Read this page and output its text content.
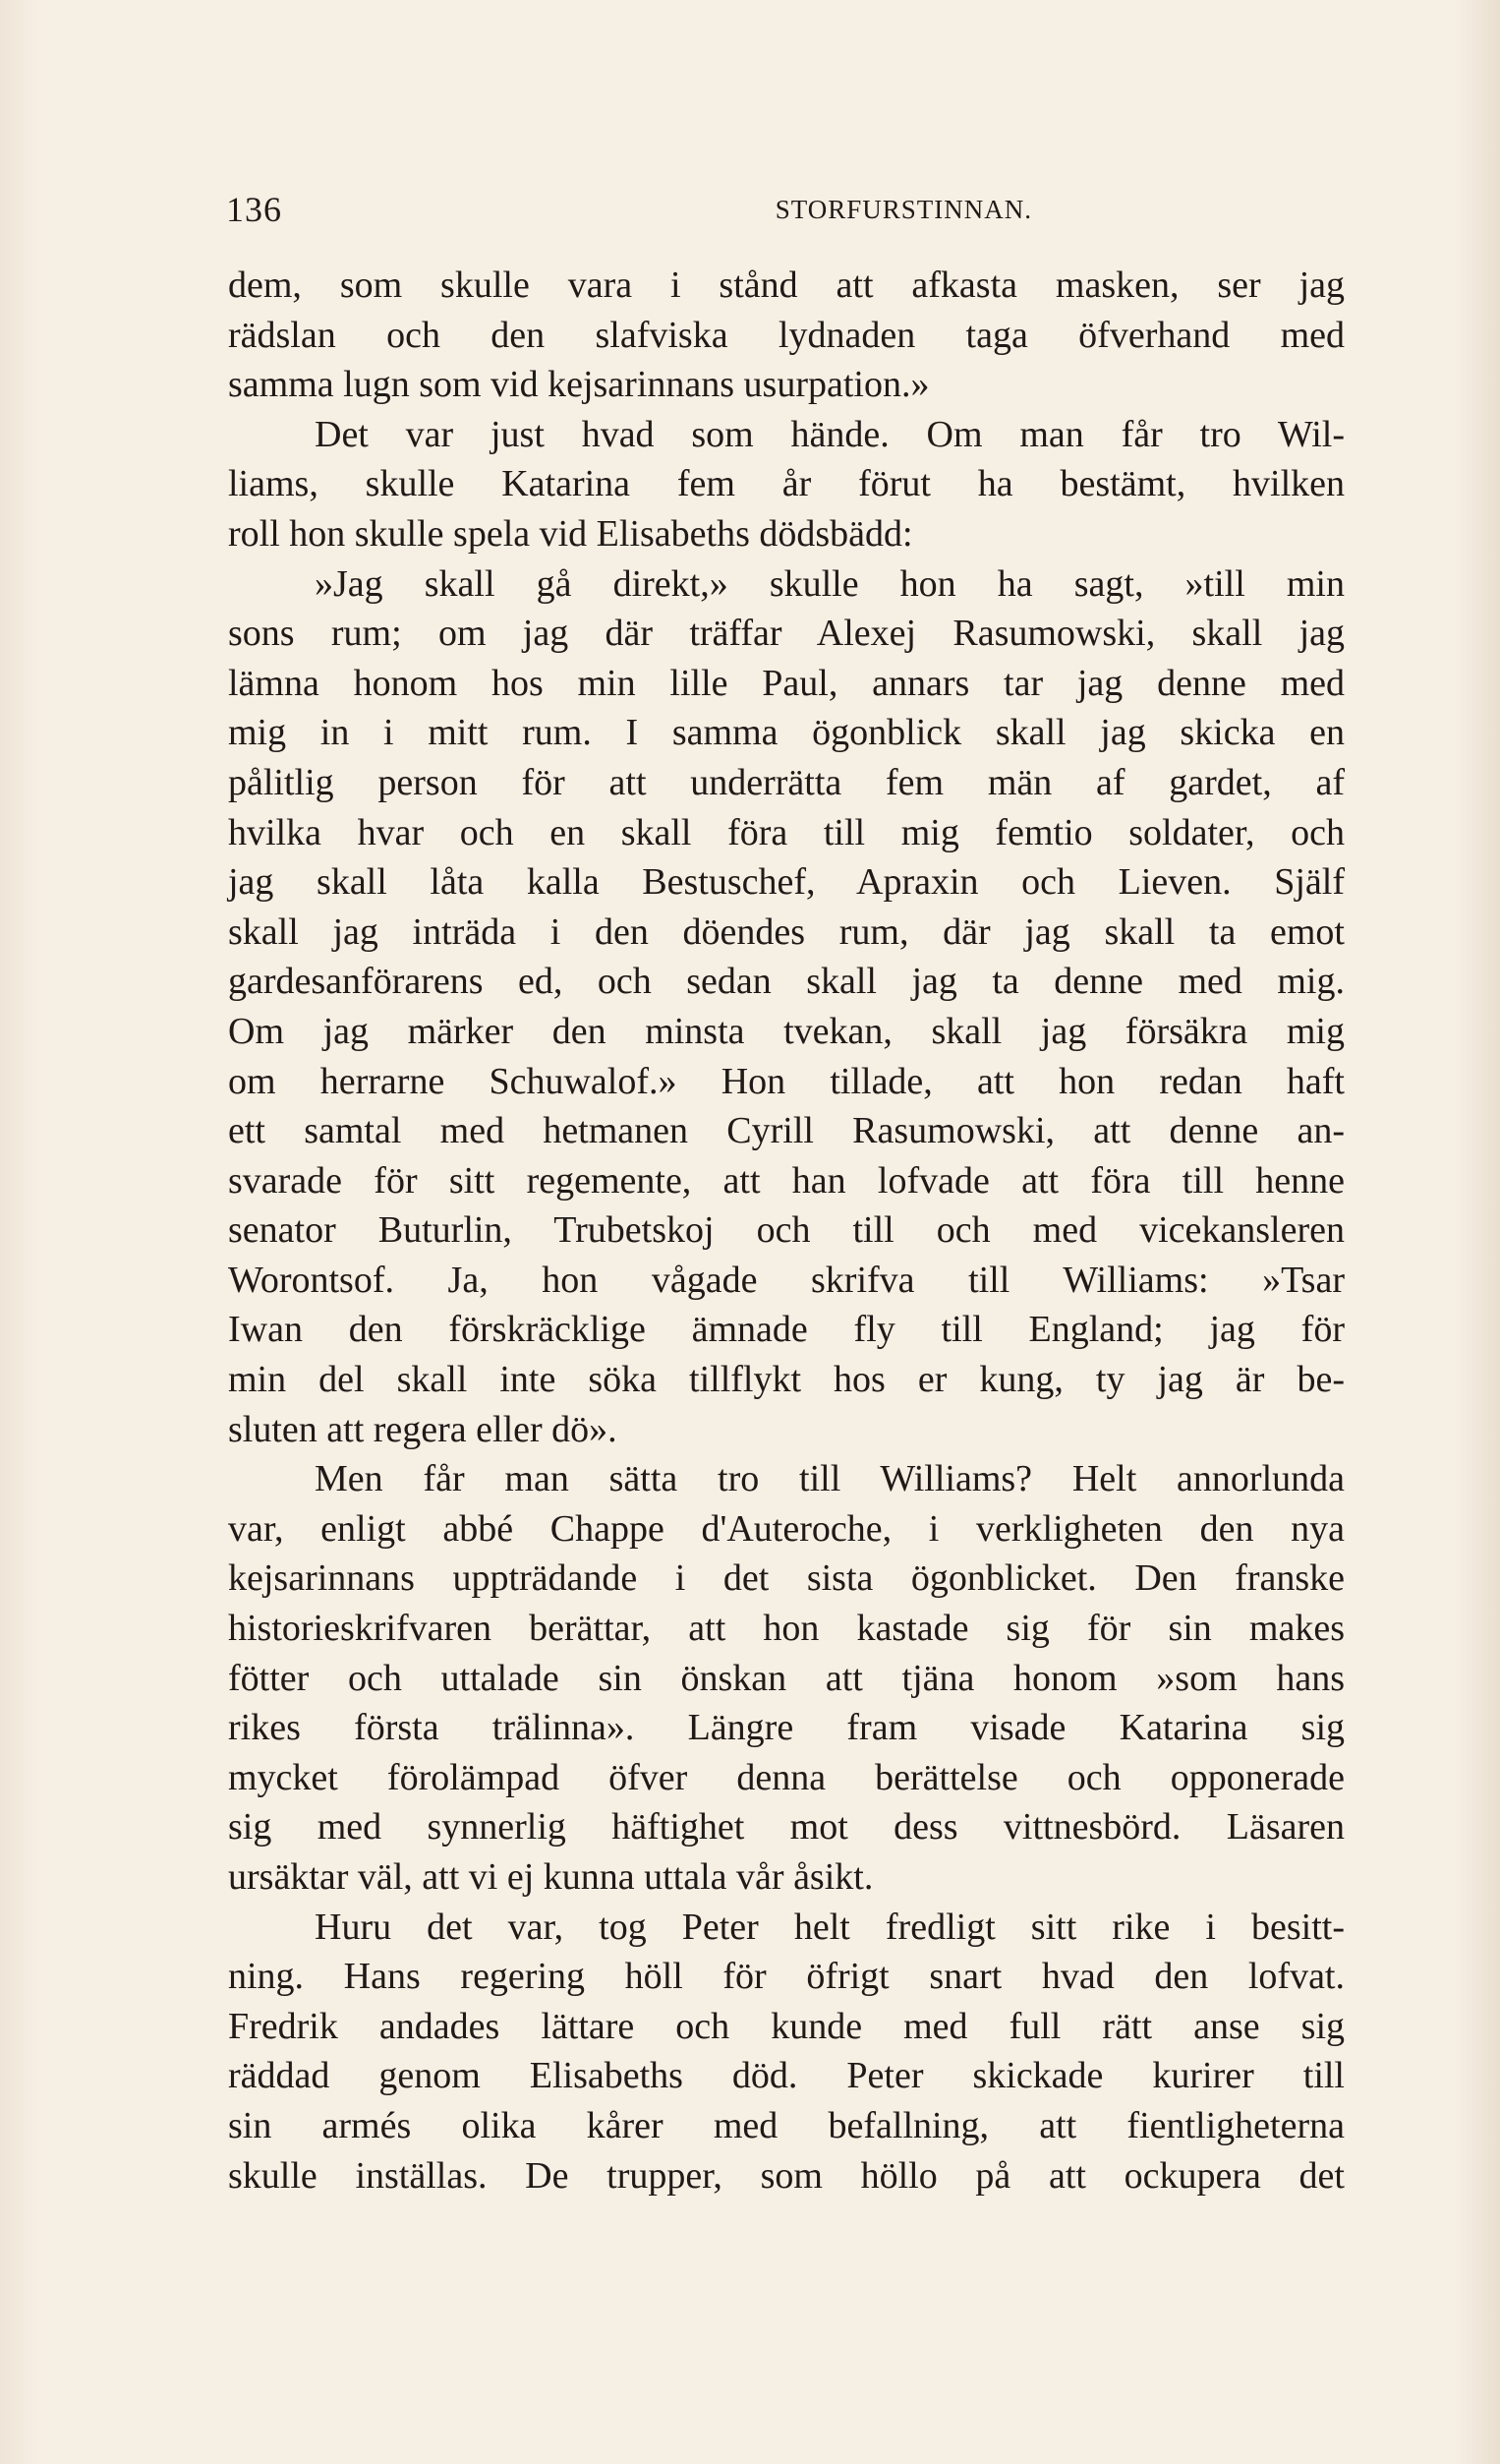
136	STORFURSTINNAN.
dem, som skulle vara i stånd att afkasta masken, ser jag
rädslan och den slafviska lydnaden taga öfverhand med
samma lugn som vid kejsarinnans usurpation.»
Det var just hvad som hände. Om man får tro Wil-
liams, skulle Katarina fem år förut ha bestämt, hvilken
roll hon skulle spela vid Elisabeths dödsbädd:
»Jag skall gå direkt,» skulle hon ha sagt, »till min
sons rum; om jag där träffar Alexej Rasumowski, skall jag
lämna honom hos min lille Paul, annars tar jag denne med
mig in i mitt rum. I samma ögonblick skall jag skicka en
pålitlig person för att underrätta fem män af gardet, af
hvilka hvar och en skall föra till mig femtio soldater, och
jag skall låta kalla Bestuschef, Apraxin och Lieven. Själf
skall jag inträda i den döendes rum, där jag skall ta emot
gardesanförarens ed, och sedan skall jag ta denne med mig.
Om jag märker den minsta tvekan, skall jag försäkra mig
om herrarne Schuwalof.» Hon tillade, att hon redan haft
ett samtal med hetmanen Cyrill Rasumowski, att denne an-
svarade för sitt regemente, att han lofvade att föra till henne
senator Buturlin, Trubetskoj och till och med vicekansleren
Worontsof. Ja, hon vågade skrifva till Williams: »Tsar
Iwan den förskräcklige ämnade fly till England; jag för
min del skall inte söka tillflykt hos er kung, ty jag är be-
sluten att regera eller dö».
Men får man sätta tro till Williams? Helt annorlunda
var, enligt abbé Chappe d'Auteroche, i verkligheten den nya
kejsarinnans uppträdande i det sista ögonblicket. Den franske
historieskrifvaren berättar, att hon kastade sig för sin makes
fötter och uttalade sin önskan att tjäna honom »som hans
rikes första trälinna». Längre fram visade Katarina sig
mycket förolämpad öfver denna berättelse och opponerade
sig med synnerlig häftighet mot dess vittnesbörd. Läsaren
ursäktar väl, att vi ej kunna uttala vår åsikt.
Huru det var, tog Peter helt fredligt sitt rike i besitt-
ning. Hans regering höll för öfrigt snart hvad den lofvat.
Fredrik andades lättare och kunde med full rätt anse sig
räddad genom Elisabeths död. Peter skickade kurirer till
sin armés olika kårer med befallning, att fientligheterna
skulle inställas. De trupper, som höllo på att ockupera det
